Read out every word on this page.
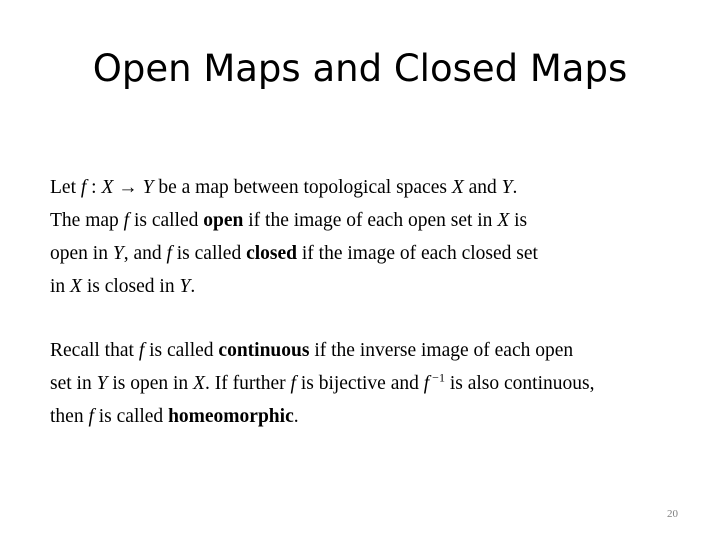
Open Maps and Closed Maps
Let f : X → Y be a map between topological spaces X and Y.
The map f is called open if the image of each open set in X is
open in Y, and f is called closed if the image of each closed set
in X is closed in Y.
Recall that f is called continuous if the inverse image of each open
set in Y is open in X. If further f is bijective and f $^{-1}$ is also continuous,
then f is called homeomorphic.
20
